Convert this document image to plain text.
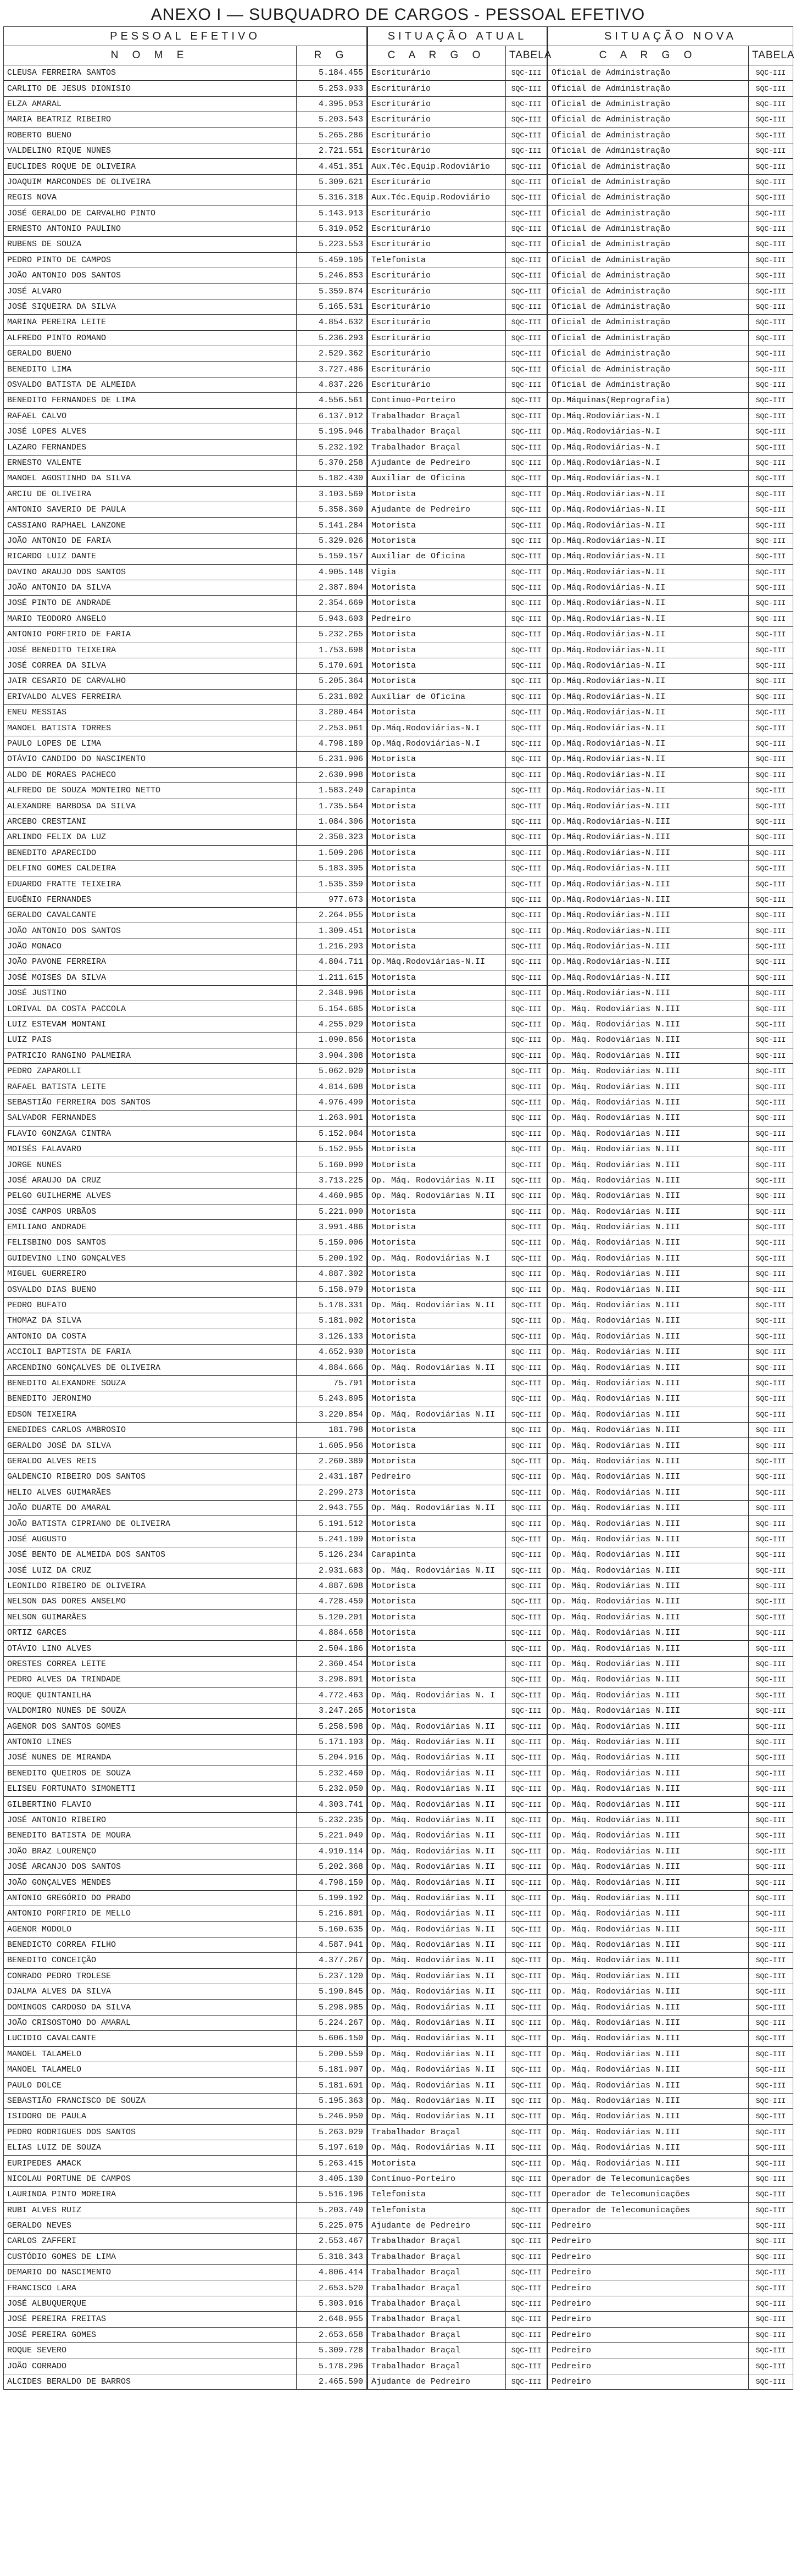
ANEXO I — SUBQUADRO DE CARGOS - PESSOAL EFETIVO
PESSOAL EFETIVO		SITUAÇÃO ATUAL		SITUAÇÃO NOVA	
N O M E	R G	C A R G O	TABELA	C A R G O	TABELA
CLEUSA FERREIRA SANTOS	5.184.455	Escriturário	SQC-III	Oficial de Administração	SQC-III
CARLITO DE JESUS DIONISIO	5.253.933	Escriturário	SQC-III	Oficial de Administração	SQC-III
ELZA AMARAL	4.395.053	Escriturário	SQC-III	Oficial de Administração	SQC-III
MARIA BEATRIZ RIBEIRO	5.203.543	Escriturário	SQC-III	Oficial de Administração	SQC-III
ROBERTO BUENO	5.265.286	Escriturário	SQC-III	Oficial de Administração	SQC-III
VALDELINO RIQUE NUNES	2.721.551	Escriturário	SQC-III	Oficial de Administração	SQC-III
EUCLIDES ROQUE DE OLIVEIRA	4.451.351	Aux.Téc.Equip.Rodoviário	SQC-III	Oficial de Administração	SQC-III
JOAQUIM MARCONDES DE OLIVEIRA	5.309.621	Escriturário	SQC-III	Oficial de Administração	SQC-III
REGIS NOVA	5.316.318	Aux.Téc.Equip.Rodoviário	SQC-III	Oficial de Administração	SQC-III
JOSÉ GERALDO DE CARVALHO PINTO	5.143.913	Escriturário	SQC-III	Oficial de Administração	SQC-III
ERNESTO ANTONIO PAULINO	5.319.052	Escriturário	SQC-III	Oficial de Administração	SQC-III
RUBENS DE SOUZA	5.223.553	Escriturário	SQC-III	Oficial de Administração	SQC-III
PEDRO PINTO DE CAMPOS	5.459.105	Telefonista	SQC-III	Oficial de Administração	SQC-III
JOÃO ANTONIO DOS SANTOS	5.246.853	Escriturário	SQC-III	Oficial de Administração	SQC-III
JOSÉ ALVARO	5.359.874	Escriturário	SQC-III	Oficial de Administração	SQC-III
JOSÉ SIQUEIRA DA SILVA	5.165.531	Escriturário	SQC-III	Oficial de Administração	SQC-III
MARINA PEREIRA LEITE	4.854.632	Escriturário	SQC-III	Oficial de Administração	SQC-III
ALFREDO PINTO ROMANO	5.236.293	Escriturário	SQC-III	Oficial de Administração	SQC-III
GERALDO BUENO	2.529.362	Escriturário	SQC-III	Oficial de Administração	SQC-III
BENEDITO LIMA	3.727.486	Escriturário	SQC-III	Oficial de Administração	SQC-III
OSVALDO BATISTA DE ALMEIDA	4.837.226	Escriturário	SQC-III	Oficial de Administração	SQC-III
BENEDITO FERNANDES DE LIMA	4.556.561	Continuo-Porteiro	SQC-III	Op.Máquinas(Reprografia)	SQC-III
RAFAEL CALVO	6.137.012	Trabalhador Braçal	SQC-III	Op.Máq.Rodoviárias-N.I	SQC-III
JOSÉ LOPES ALVES	5.195.946	Trabalhador Braçal	SQC-III	Op.Máq.Rodoviárias-N.I	SQC-III
LAZARO FERNANDES	5.232.192	Trabalhador Braçal	SQC-III	Op.Máq.Rodoviárias-N.I	SQC-III
ERNESTO VALENTE	5.370.258	Ajudante de Pedreiro	SQC-III	Op.Máq.Rodoviárias-N.I	SQC-III
MANOEL AGOSTINHO DA SILVA	5.182.430	Auxiliar de Oficina	SQC-III	Op.Máq.Rodoviárias-N.I	SQC-III
ARCIU DE OLIVEIRA	3.103.569	Motorista	SQC-III	Op.Máq.Rodoviárias-N.II	SQC-III
ANTONIO SAVERIO DE PAULA	5.358.360	Ajudante de Pedreiro	SQC-III	Op.Máq.Rodoviárias-N.II	SQC-III
CASSIANO RAPHAEL LANZONE	5.141.284	Motorista	SQC-III	Op.Máq.Rodoviárias-N.II	SQC-III
JOÃO ANTONIO DE FARIA	5.329.026	Motorista	SQC-III	Op.Máq.Rodoviárias-N.II	SQC-III
RICARDO LUIZ DANTE	5.159.157	Auxiliar de Oficina	SQC-III	Op.Máq.Rodoviárias-N.II	SQC-III
DAVINO ARAUJO DOS SANTOS	4.905.148	Vigia	SQC-III	Op.Máq.Rodoviárias-N.II	SQC-III
JOÃO ANTONIO DA SILVA	2.387.804	Motorista	SQC-III	Op.Máq.Rodoviárias-N.II	SQC-III
JOSÉ PINTO DE ANDRADE	2.354.669	Motorista	SQC-III	Op.Máq.Rodoviárias-N.II	SQC-III
MARIO TEODORO ANGELO	5.943.603	Pedreiro	SQC-III	Op.Máq.Rodoviárias-N.II	SQC-III
ANTONIO PORFIRIO DE FARIA	5.232.265	Motorista	SQC-III	Op.Máq.Rodoviárias-N.II	SQC-III
JOSÉ BENEDITO TEIXEIRA	1.753.698	Motorista	SQC-III	Op.Máq.Rodoviárias-N.II	SQC-III
JOSÉ CORREA DA SILVA	5.170.691	Motorista	SQC-III	Op.Máq.Rodoviárias-N.II	SQC-III
JAIR CESARIO DE CARVALHO	5.205.364	Motorista	SQC-III	Op.Máq.Rodoviárias-N.II	SQC-III
ERIVALDO ALVES FERREIRA	5.231.802	Auxiliar de Oficina	SQC-III	Op.Máq.Rodoviárias-N.II	SQC-III
ENEU MESSIAS	3.280.464	Motorista	SQC-III	Op.Máq.Rodoviárias-N.II	SQC-III
MANOEL BATISTA TORRES	2.253.061	Op.Máq.Rodoviárias-N.I	SQC-III	Op.Máq.Rodoviárias-N.II	SQC-III
PAULO LOPES DE LIMA	4.798.189	Op.Máq.Rodoviárias-N.I	SQC-III	Op.Máq.Rodoviárias-N.II	SQC-III
OTÁVIO CANDIDO DO NASCIMENTO	5.231.906	Motorista	SQC-III	Op.Máq.Rodoviárias-N.II	SQC-III
ALDO DE MORAES PACHECO	2.630.998	Motorista	SQC-III	Op.Máq.Rodoviárias-N.II	SQC-III
ALFREDO DE SOUZA MONTEIRO NETTO	1.583.240	Carapinta	SQC-III	Op.Máq.Rodoviárias-N.II	SQC-III
ALEXANDRE BARBOSA DA SILVA	1.735.564	Motorista	SQC-III	Op.Máq.Rodoviárias-N.III	SQC-III
ARCEBO CRESTIANI	1.084.306	Motorista	SQC-III	Op.Máq.Rodoviárias-N.III	SQC-III
ARLINDO FELIX DA LUZ	2.358.323	Motorista	SQC-III	Op.Máq.Rodoviárias-N.III	SQC-III
BENEDITO APARECIDO	1.509.206	Motorista	SQC-III	Op.Máq.Rodoviárias-N.III	SQC-III
DELFINO GOMES CALDEIRA	5.183.395	Motorista	SQC-III	Op.Máq.Rodoviárias-N.III	SQC-III
EDUARDO FRATTE TEIXEIRA	1.535.359	Motorista	SQC-III	Op.Máq.Rodoviárias-N.III	SQC-III
EUGÊNIO FERNANDES	977.673	Motorista	SQC-III	Op.Máq.Rodoviárias-N.III	SQC-III
GERALDO CAVALCANTE	2.264.055	Motorista	SQC-III	Op.Máq.Rodoviárias-N.III	SQC-III
JOÃO ANTONIO DOS SANTOS	1.309.451	Motorista	SQC-III	Op.Máq.Rodoviárias-N.III	SQC-III
JOÃO MONACO	1.216.293	Motorista	SQC-III	Op.Máq.Rodoviárias-N.III	SQC-III
JOÃO PAVONE FERREIRA	4.804.711	Op.Máq.Rodoviárias-N.II	SQC-III	Op.Máq.Rodoviárias-N.III	SQC-III
JOSÉ MOISES DA SILVA	1.211.615	Motorista	SQC-III	Op.Máq.Rodoviárias-N.III	SQC-III
JOSÉ JUSTINO	2.348.996	Motorista	SQC-III	Op.Máq.Rodoviárias-N.III	SQC-III
LORIVAL DA COSTA PACCOLA	5.154.685	Motorista	SQC-III	Op. Máq. Rodoviárias N.III	SQC-III
LUIZ ESTEVAM MONTANI	4.255.029	Motorista	SQC-III	Op. Máq. Rodoviárias N.III	SQC-III
LUIZ PAIS	1.090.856	Motorista	SQC-III	Op. Máq. Rodoviárias N.III	SQC-III
PATRICIO RANGINO PALMEIRA	3.904.308	Motorista	SQC-III	Op. Máq. Rodoviárias N.III	SQC-III
PEDRO ZAPAROLLI	5.062.020	Motorista	SQC-III	Op. Máq. Rodoviárias N.III	SQC-III
RAFAEL BATISTA LEITE	4.814.608	Motorista	SQC-III	Op. Máq. Rodoviárias N.III	SQC-III
SEBASTIÃO FERREIRA DOS SANTOS	4.976.499	Motorista	SQC-III	Op. Máq. Rodoviárias N.III	SQC-III
SALVADOR FERNANDES	1.263.901	Motorista	SQC-III	Op. Máq. Rodoviárias N.III	SQC-III
FLAVIO GONZAGA CINTRA	5.152.084	Motorista	SQC-III	Op. Máq. Rodoviárias N.III	SQC-III
MOISÉS FALAVARO	5.152.955	Motorista	SQC-III	Op. Máq. Rodoviárias N.III	SQC-III
JORGE NUNES	5.160.090	Motorista	SQC-III	Op. Máq. Rodoviárias N.III	SQC-III
JOSÉ ARAUJO DA CRUZ	3.713.225	Op. Máq. Rodoviárias N.II	SQC-III	Op. Máq. Rodoviárias N.III	SQC-III
PELGO GUILHERME ALVES	4.460.985	Op. Máq. Rodoviárias N.II	SQC-III	Op. Máq. Rodoviárias N.III	SQC-III
JOSÉ CAMPOS URBÃOS	5.221.090	Motorista	SQC-III	Op. Máq. Rodoviárias N.III	SQC-III
EMILIANO ANDRADE	3.991.486	Motorista	SQC-III	Op. Máq. Rodoviárias N.III	SQC-III
FELISBINO DOS SANTOS	5.159.006	Motorista	SQC-III	Op. Máq. Rodoviárias N.III	SQC-III
GUIDEVINO LINO GONÇALVES	5.200.192	Op. Máq. Rodoviárias N.I	SQC-III	Op. Máq. Rodoviárias N.III	SQC-III
MIGUEL GUERREIRO	4.887.302	Motorista	SQC-III	Op. Máq. Rodoviárias N.III	SQC-III
OSVALDO DIAS BUENO	5.158.979	Motorista	SQC-III	Op. Máq. Rodoviárias N.III	SQC-III
PEDRO BUFATO	5.178.331	Op. Máq. Rodoviárias N.II	SQC-III	Op. Máq. Rodoviárias N.III	SQC-III
THOMAZ DA SILVA	5.181.002	Motorista	SQC-III	Op. Máq. Rodoviárias N.III	SQC-III
ANTONIO DA COSTA	3.126.133	Motorista	SQC-III	Op. Máq. Rodoviárias N.III	SQC-III
ACCIOLI BAPTISTA DE FARIA	4.652.930	Motorista	SQC-III	Op. Máq. Rodoviárias N.III	SQC-III
ARCENDINO GONÇALVES DE OLIVEIRA	4.884.666	Op. Máq. Rodoviárias N.II	SQC-III	Op. Máq. Rodoviárias N.III	SQC-III
BENEDITO ALEXANDRE SOUZA	75.791	Motorista	SQC-III	Op. Máq. Rodoviárias N.III	SQC-III
BENEDITO JERONIMO	5.243.895	Motorista	SQC-III	Op. Máq. Rodoviárias N.III	SQC-III
EDSON TEIXEIRA	3.220.854	Op. Máq. Rodoviárias N.II	SQC-III	Op. Máq. Rodoviárias N.III	SQC-III
ENEDIDES CARLOS AMBROSIO	181.798	Motorista	SQC-III	Op. Máq. Rodoviárias N.III	SQC-III
GERALDO JOSÉ DA SILVA	1.605.956	Motorista	SQC-III	Op. Máq. Rodoviárias N.III	SQC-III
GERALDO ALVES REIS	2.260.389	Motorista	SQC-III	Op. Máq. Rodoviárias N.III	SQC-III
GALDENCIO RIBEIRO DOS SANTOS	2.431.187	Pedreiro	SQC-III	Op. Máq. Rodoviárias N.III	SQC-III
HELIO ALVES GUIMARÃES	2.299.273	Motorista	SQC-III	Op. Máq. Rodoviárias N.III	SQC-III
JOÃO DUARTE DO AMARAL	2.943.755	Op. Máq. Rodoviárias N.II	SQC-III	Op. Máq. Rodoviárias N.III	SQC-III
JOÃO BATISTA CIPRIANO DE OLIVEIRA	5.191.512	Motorista	SQC-III	Op. Máq. Rodoviárias N.III	SQC-III
JOSÉ AUGUSTO	5.241.109	Motorista	SQC-III	Op. Máq. Rodoviárias N.III	SQC-III
JOSÉ BENTO DE ALMEIDA DOS SANTOS	5.126.234	Carapinta	SQC-III	Op. Máq. Rodoviárias N.III	SQC-III
JOSÉ LUIZ DA CRUZ	2.931.683	Op. Máq. Rodoviárias N.II	SQC-III	Op. Máq. Rodoviárias N.III	SQC-III
LEONILDO RIBEIRO DE OLIVEIRA	4.887.608	Motorista	SQC-III	Op. Máq. Rodoviárias N.III	SQC-III
NELSON DAS DORES ANSELMO	4.728.459	Motorista	SQC-III	Op. Máq. Rodoviárias N.III	SQC-III
NELSON GUIMARÃES	5.120.201	Motorista	SQC-III	Op. Máq. Rodoviárias N.III	SQC-III
ORTIZ GARCES	4.884.658	Motorista	SQC-III	Op. Máq. Rodoviárias N.III	SQC-III
OTÁVIO LINO ALVES	2.504.186	Motorista	SQC-III	Op. Máq. Rodoviárias N.III	SQC-III
ORESTES CORREA LEITE	2.360.454	Motorista	SQC-III	Op. Máq. Rodoviárias N.III	SQC-III
PEDRO ALVES DA TRINDADE	3.298.891	Motorista	SQC-III	Op. Máq. Rodoviárias N.III	SQC-III
ROQUE QUINTANILHA	4.772.463	Op. Máq. Rodoviárias N. I	SQC-III	Op. Máq. Rodoviárias N.III	SQC-III
VALDOMIRO NUNES DE SOUZA	3.247.265	Motorista	SQC-III	Op. Máq. Rodoviárias N.III	SQC-III
AGENOR DOS SANTOS GOMES	5.258.598	Op. Máq. Rodoviárias N.II	SQC-III	Op. Máq. Rodoviárias N.III	SQC-III
ANTONIO LINES	5.171.103	Op. Máq. Rodoviárias N.II	SQC-III	Op. Máq. Rodoviárias N.III	SQC-III
JOSÉ NUNES DE MIRANDA	5.204.916	Op. Máq. Rodoviárias N.II	SQC-III	Op. Máq. Rodoviárias N.III	SQC-III
BENEDITO QUEIROS DE SOUZA	5.232.460	Op. Máq. Rodoviárias N.II	SQC-III	Op. Máq. Rodoviárias N.III	SQC-III
ELISEU FORTUNATO SIMONETTI	5.232.050	Op. Máq. Rodoviárias N.II	SQC-III	Op. Máq. Rodoviárias N.III	SQC-III
GILBERTINO FLAVIO	4.303.741	Op. Máq. Rodoviárias N.II	SQC-III	Op. Máq. Rodoviárias N.III	SQC-III
JOSÉ ANTONIO RIBEIRO	5.232.235	Op. Máq. Rodoviárias N.II	SQC-III	Op. Máq. Rodoviárias N.III	SQC-III
BENEDITO BATISTA DE MOURA	5.221.049	Op. Máq. Rodoviárias N.II	SQC-III	Op. Máq. Rodoviárias N.III	SQC-III
JOÃO BRAZ LOURENÇO	4.910.114	Op. Máq. Rodoviárias N.II	SQC-III	Op. Máq. Rodoviárias N.III	SQC-III
JOSÉ ARCANJO DOS SANTOS	5.202.368	Op. Máq. Rodoviárias N.II	SQC-III	Op. Máq. Rodoviárias N.III	SQC-III
JOÃO GONÇALVES MENDES	4.798.159	Op. Máq. Rodoviárias N.II	SQC-III	Op. Máq. Rodoviárias N.III	SQC-III
ANTONIO GREGÓRIO DO PRADO	5.199.192	Op. Máq. Rodoviárias N.II	SQC-III	Op. Máq. Rodoviárias N.III	SQC-III
ANTONIO PORFIRIO DE MELLO	5.216.801	Op. Máq. Rodoviárias N.II	SQC-III	Op. Máq. Rodoviárias N.III	SQC-III
AGENOR MODOLO	5.160.635	Op. Máq. Rodoviárias N.II	SQC-III	Op. Máq. Rodoviárias N.III	SQC-III
BENEDICTO CORREA FILHO	4.587.941	Op. Máq. Rodoviárias N.II	SQC-III	Op. Máq. Rodoviárias N.III	SQC-III
BENEDITO CONCEIÇÃO	4.377.267	Op. Máq. Rodoviárias N.II	SQC-III	Op. Máq. Rodoviárias N.III	SQC-III
CONRADO PEDRO TROLESE	5.237.120	Op. Máq. Rodoviárias N.II	SQC-III	Op. Máq. Rodoviárias N.III	SQC-III
DJALMA ALVES DA SILVA	5.190.845	Op. Máq. Rodoviárias N.II	SQC-III	Op. Máq. Rodoviárias N.III	SQC-III
DOMINGOS CARDOSO DA SILVA	5.298.985	Op. Máq. Rodoviárias N.II	SQC-III	Op. Máq. Rodoviárias N.III	SQC-III
JOÃO CRISOSTOMO DO AMARAL	5.224.267	Op. Máq. Rodoviárias N.II	SQC-III	Op. Máq. Rodoviárias N.III	SQC-III
LUCIDIO CAVALCANTE	5.606.150	Op. Máq. Rodoviárias N.II	SQC-III	Op. Máq. Rodoviárias N.III	SQC-III
MANOEL TALAMELO	5.200.559	Op. Máq. Rodoviárias N.II	SQC-III	Op. Máq. Rodoviárias N.III	SQC-III
MANOEL TALAMELO	5.181.907	Op. Máq. Rodoviárias N.II	SQC-III	Op. Máq. Rodoviárias N.III	SQC-III
PAULO DOLCE	5.181.691	Op. Máq. Rodoviárias N.II	SQC-III	Op. Máq. Rodoviárias N.III	SQC-III
SEBASTIÃO FRANCISCO DE SOUZA	5.195.363	Op. Máq. Rodoviárias N.II	SQC-III	Op. Máq. Rodoviárias N.III	SQC-III
ISIDORO DE PAULA	5.246.950	Op. Máq. Rodoviárias N.II	SQC-III	Op. Máq. Rodoviárias N.III	SQC-III
PEDRO RODRIGUES DOS SANTOS	5.263.029	Trabalhador Braçal	SQC-III	Op. Máq. Rodoviárias N.III	SQC-III
ELIAS LUIZ DE SOUZA	5.197.610	Op. Máq. Rodoviárias N.II	SQC-III	Op. Máq. Rodoviárias N.III	SQC-III
EURIPEDES AMACK	5.263.415	Motorista	SQC-III	Op. Máq. Rodoviárias N.III	SQC-III
NICOLAU PORTUNE DE CAMPOS	3.405.130	Contínuo-Porteiro	SQC-III	Operador de Telecomunicações	SQC-III
LAURINDA PINTO MOREIRA	5.516.196	Telefonista	SQC-III	Operador de Telecomunicações	SQC-III
RUBI ALVES RUIZ	5.203.740	Telefonista	SQC-III	Operador de Telecomunicações	SQC-III
GERALDO NEVES	5.225.075	Ajudante de Pedreiro	SQC-III	Pedreiro	SQC-III
CARLOS ZAFFERI	2.553.467	Trabalhador Braçal	SQC-III	Pedreiro	SQC-III
CUSTÓDIO GOMES DE LIMA	5.318.343	Trabalhador Braçal	SQC-III	Pedreiro	SQC-III
DEMARIO DO NASCIMENTO	4.806.414	Trabalhador Braçal	SQC-III	Pedreiro	SQC-III
FRANCISCO LARA	2.653.520	Trabalhador Braçal	SQC-III	Pedreiro	SQC-III
JOSÉ ALBUQUERQUE	5.303.016	Trabalhador Braçal	SQC-III	Pedreiro	SQC-III
JOSÉ PEREIRA FREITAS	2.648.955	Trabalhador Braçal	SQC-III	Pedreiro	SQC-III
JOSÉ PEREIRA GOMES	2.653.658	Trabalhador Braçal	SQC-III	Pedreiro	SQC-III
ROQUE SEVERO	5.309.728	Trabalhador Braçal	SQC-III	Pedreiro	SQC-III
JOÃO CORRADO	5.178.296	Trabalhador Braçal	SQC-III	Pedreiro	SQC-III
ALCIDES BERALDO DE BARROS	2.465.590	Ajudante de Pedreiro	SQC-III	Pedreiro	SQC-III
